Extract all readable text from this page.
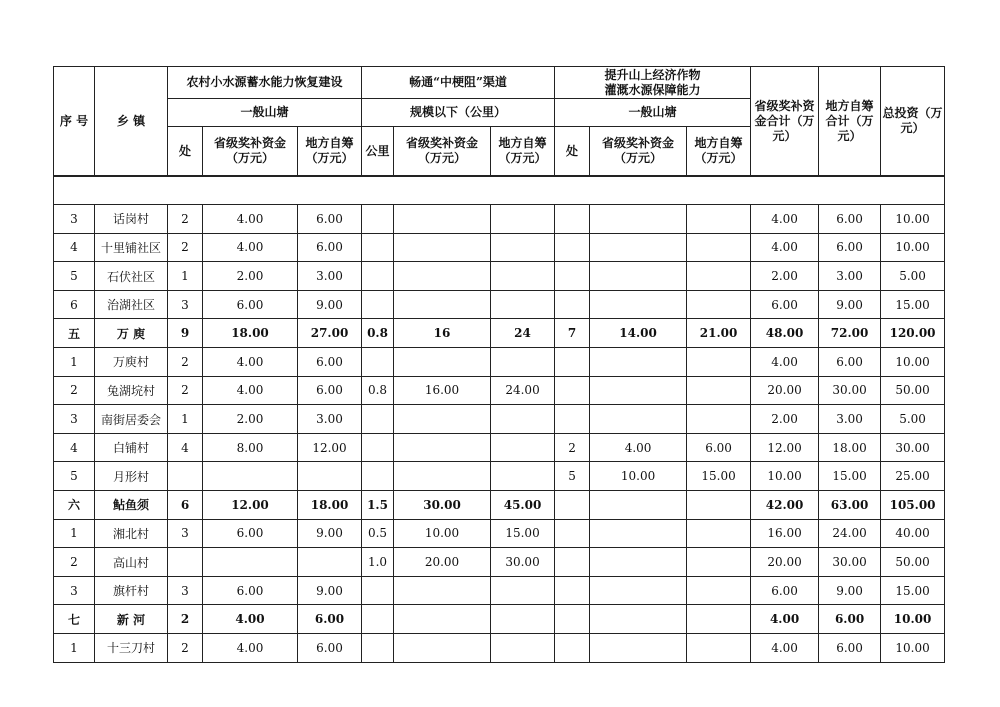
序 号	乡 镇	农村小水源蓄水能力恢复建设			畅通“中梗阻”渠道			提升山上经济作物
灌溉水源保障能力			省级奖补资金合计（万元）	地方自筹合计（万元）	总投资（万元）
		一般山塘			规模以下（公里）			一般山塘					
		处	省级奖补资金（万元）	地方自筹（万元）	公里	省级奖补资金（万元）	地方自筹（万元）	处	省级奖补资金（万元）	地方自筹（万元）			

3	话岗村	2	4.00	6.00							4.00	6.00	10.00
4	十里铺社区	2	4.00	6.00							4.00	6.00	10.00
5	石伏社区	1	2.00	3.00							2.00	3.00	5.00
6	治湖社区	3	6.00	9.00							6.00	9.00	15.00
五	万 庾	9	18.00	27.00	0.8	16	24	7	14.00	21.00	48.00	72.00	120.00
1	万庾村	2	4.00	6.00							4.00	6.00	10.00
2	兔湖垸村	2	4.00	6.00	0.8	16.00	24.00				20.00	30.00	50.00
3	南街居委会	1	2.00	3.00							2.00	3.00	5.00
4	白铺村	4	8.00	12.00				2	4.00	6.00	12.00	18.00	30.00
5	月形村							5	10.00	15.00	10.00	15.00	25.00
六	鲇鱼须	6	12.00	18.00	1.5	30.00	45.00				42.00	63.00	105.00
1	湘北村	3	6.00	9.00	0.5	10.00	15.00				16.00	24.00	40.00
2	高山村				1.0	20.00	30.00				20.00	30.00	50.00
3	旗杆村	3	6.00	9.00							6.00	9.00	15.00
七	新 河	2	4.00	6.00							4.00	6.00	10.00
1	十三刀村	2	4.00	6.00							4.00	6.00	10.00
